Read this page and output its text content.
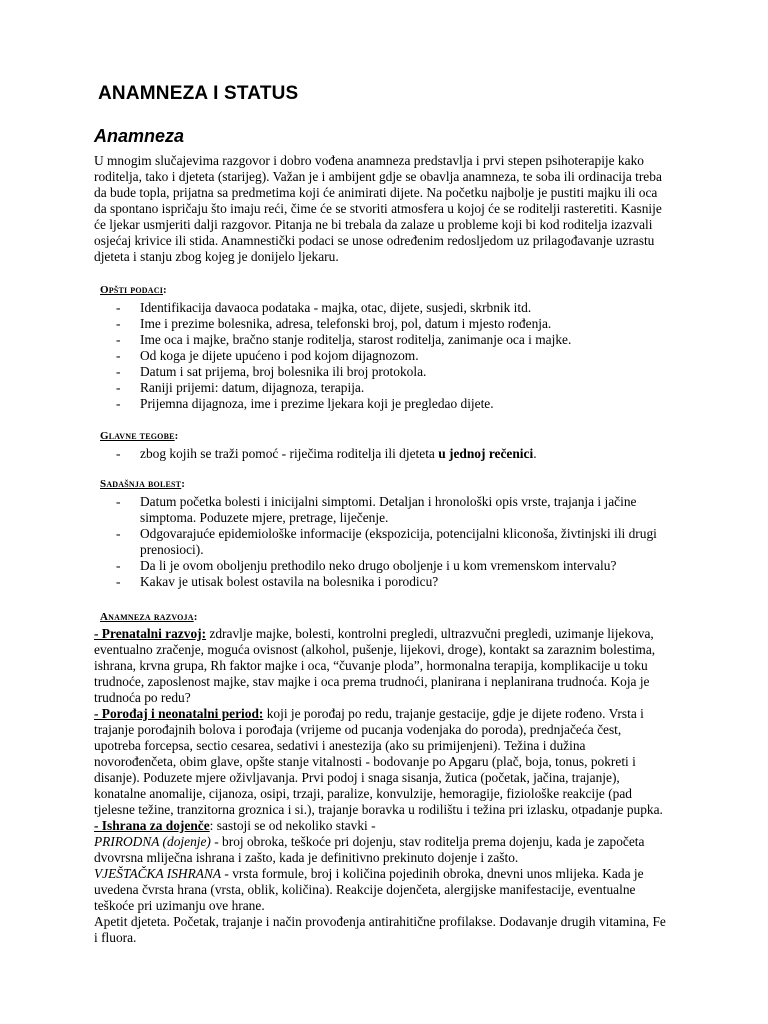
ANAMNEZA I STATUS
Anamneza
U mnogim slučajevima razgovor i dobro vođena anamneza predstavlja i prvi stepen psihoterapije kako roditelja, tako i djeteta (starijeg). Važan je i ambijent gdje se obavlja anamneza, te soba ili ordinacija treba da bude topla, prijatna sa predmetima koji će animirati dijete. Na početku najbolje je pustiti majku ili oca da spontano ispričaju što imaju reći, čime će se stvoriti atmosfera u kojoj će se roditelji rasteretiti. Kasnije će ljekar usmjeriti dalji razgovor. Pitanja ne bi trebala da zalaze u probleme koji bi kod roditelja izazvali osjećaj krivice ili stida. Anamnestički podaci se unose određenim redosljedom uz prilagođavanje uzrastu djeteta i stanju zbog kojeg je donijelo ljekaru.
Opšti podaci:
- Identifikacija davaoca podataka - majka, otac, dijete, susjedi, skrbnik itd.
- Ime i prezime bolesnika, adresa, telefonski broj, pol, datum i mjesto rođenja.
- Ime oca i majke, bračno stanje roditelja, starost roditelja, zanimanje oca i majke.
- Od koga je dijete upućeno i pod kojom dijagnozom.
- Datum i sat prijema, broj bolesnika ili broj protokola.
- Raniji prijemi: datum, dijagnoza, terapija.
- Prijemna dijagnoza, ime i prezime ljekara koji je pregledao dijete.
Glavne tegobe:
- zbog kojih se traži pomoć - riječima roditelja ili djeteta u jednoj rečenici.
Sadašnja bolest:
- Datum početka bolesti i inicijalni simptomi. Detaljan i hronološki opis vrste, trajanja i jačine simptoma. Poduzete mjere, pretrage, liječenje.
- Odgovarajuće epidemiološke informacije (ekspozicija, potencijalni kliconoša, živtinjski ili drugi prenosioci).
- Da li je ovom oboljenju prethodilo neko drugo oboljenje i u kom vremenskom intervalu?
- Kakav je utisak bolest ostavila na bolesnika i porodicu?
Anamneza razvoja:

- Prenatalni razvoj: zdravlje majke, bolesti, kontrolni pregledi, ultrazvučni pregledi, uzimanje lijekova, eventualno zračenje, moguća ovisnost (alkohol, pušenje, lijekovi, droge), kontakt sa zaraznim bolestima, ishrana, krvna grupa, Rh faktor majke i oca, “čuvanje ploda”, hormonalna terapija, komplikacije u toku trudnoće, zaposlenost majke, stav majke i oca prema trudnoći, planirana i neplanirana trudnoća. Koja je trudnoća po redu?

- Porođaj i neonatalni period: koji je porođaj po redu, trajanje gestacije, gdje je dijete rođeno. Vrsta i trajanje porođajnih bolova i porođaja (vrijeme od pucanja vodenjaka do poroda), prednjačeća čest, upotreba forcepsa, sectio cesarea, sedativi i anestezija (ako su primijenjeni). Težina i dužina novorođenčeta, obim glave, opšte stanje vitalnosti - bodovanje po Apgaru (plač, boja, tonus, pokreti i disanje). Poduzete mjere oživljavanja. Prvi podoj i snaga sisanja, žutica (početak, jačina, trajanje), konatalne anomalije, cijanoza, osipi, trzaji, paralize, konvulzije, hemoragije, fiziološke reakcije (pad tjelesne težine, tranzitorna groznica i si.), trajanje boravka u rodilištu i težina pri izlasku, otpadanje pupka.

- Ishrana za dojenče: sastoji se od nekoliko stavki -

PRIRODNA (dojenje) - broj obroka, teškoće pri dojenju, stav roditelja prema dojenju, kada je započeta dvovrsna mliječna ishrana i zašto, kada je definitivno prekinuto dojenje i zašto.

VJEŠTAČKA ISHRANA - vrsta formule, broj i količina pojedinih obroka, dnevni unos mlijeka. Kada je uvedena čvrsta hrana (vrsta, oblik, količina). Reakcije dojenčeta, alergijske manifestacije, eventualne teškoće pri uzimanju ove hrane.

Apetit djeteta. Početak, trajanje i način provođenja antirahitične profilakse. Dodavanje drugih vitamina, Fe i fluora.
